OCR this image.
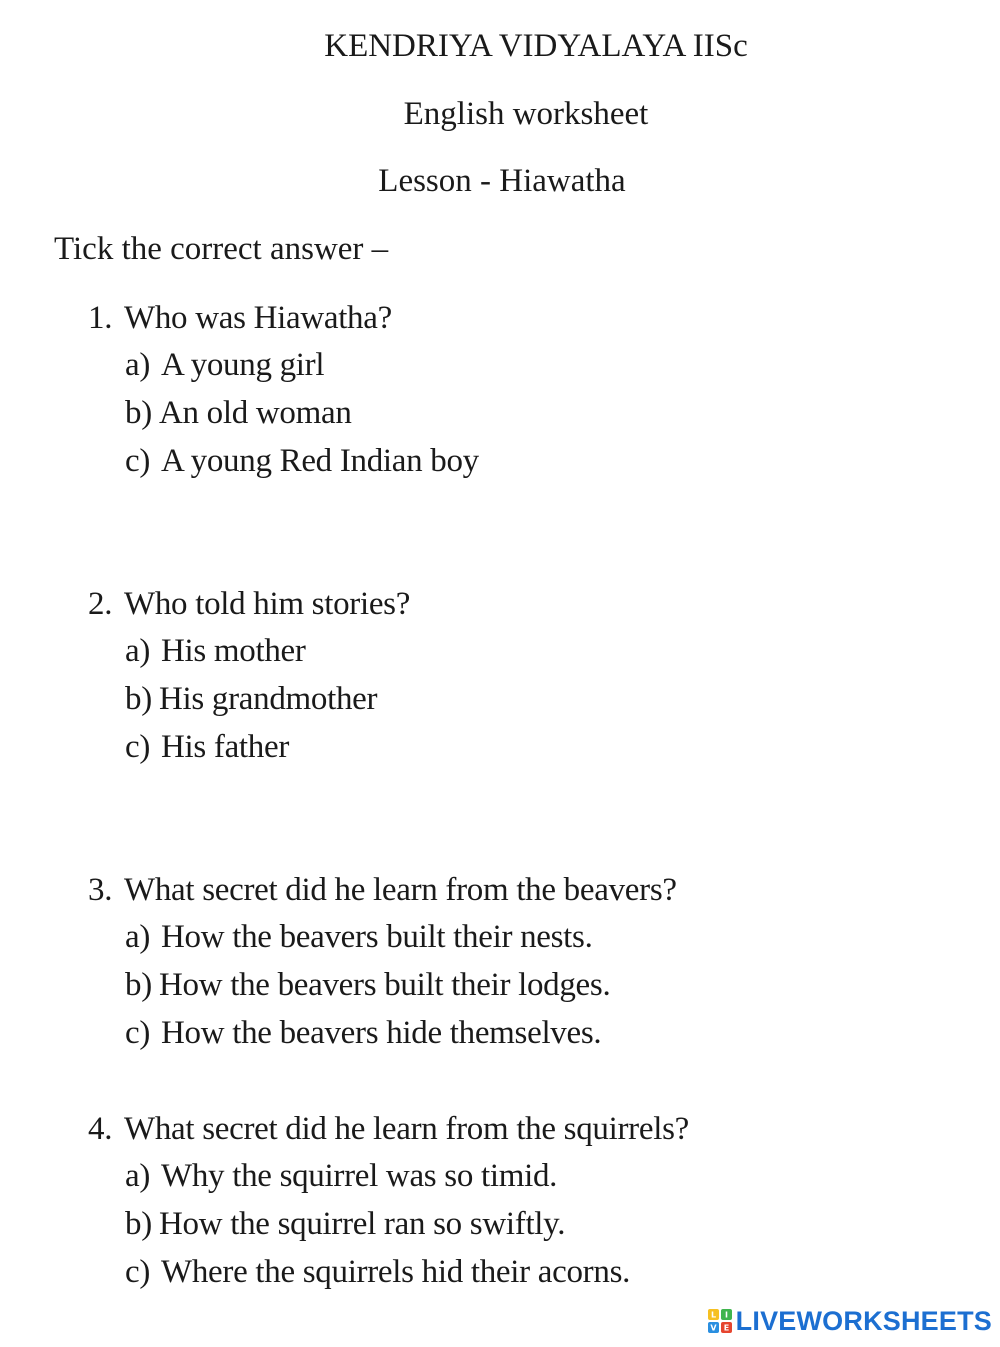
KENDRIYA VIDYALAYA IISc
English worksheet
Lesson - Hiawatha
Tick the correct answer –
1. Who was Hiawatha?
a) A young girl
b) An old woman
c) A young Red Indian boy
2. Who told him stories?
a) His mother
b) His grandmother
c) His father
3. What secret did he learn from the beavers?
a) How the beavers built their nests.
b) How the beavers built their lodges.
c) How the beavers hide themselves.
4. What secret did he learn from the squirrels?
a) Why the squirrel was so timid.
b) How the squirrel ran so swiftly.
c) Where the squirrels hid their acorns.
L I
V E LIVEWORKSHEETS
